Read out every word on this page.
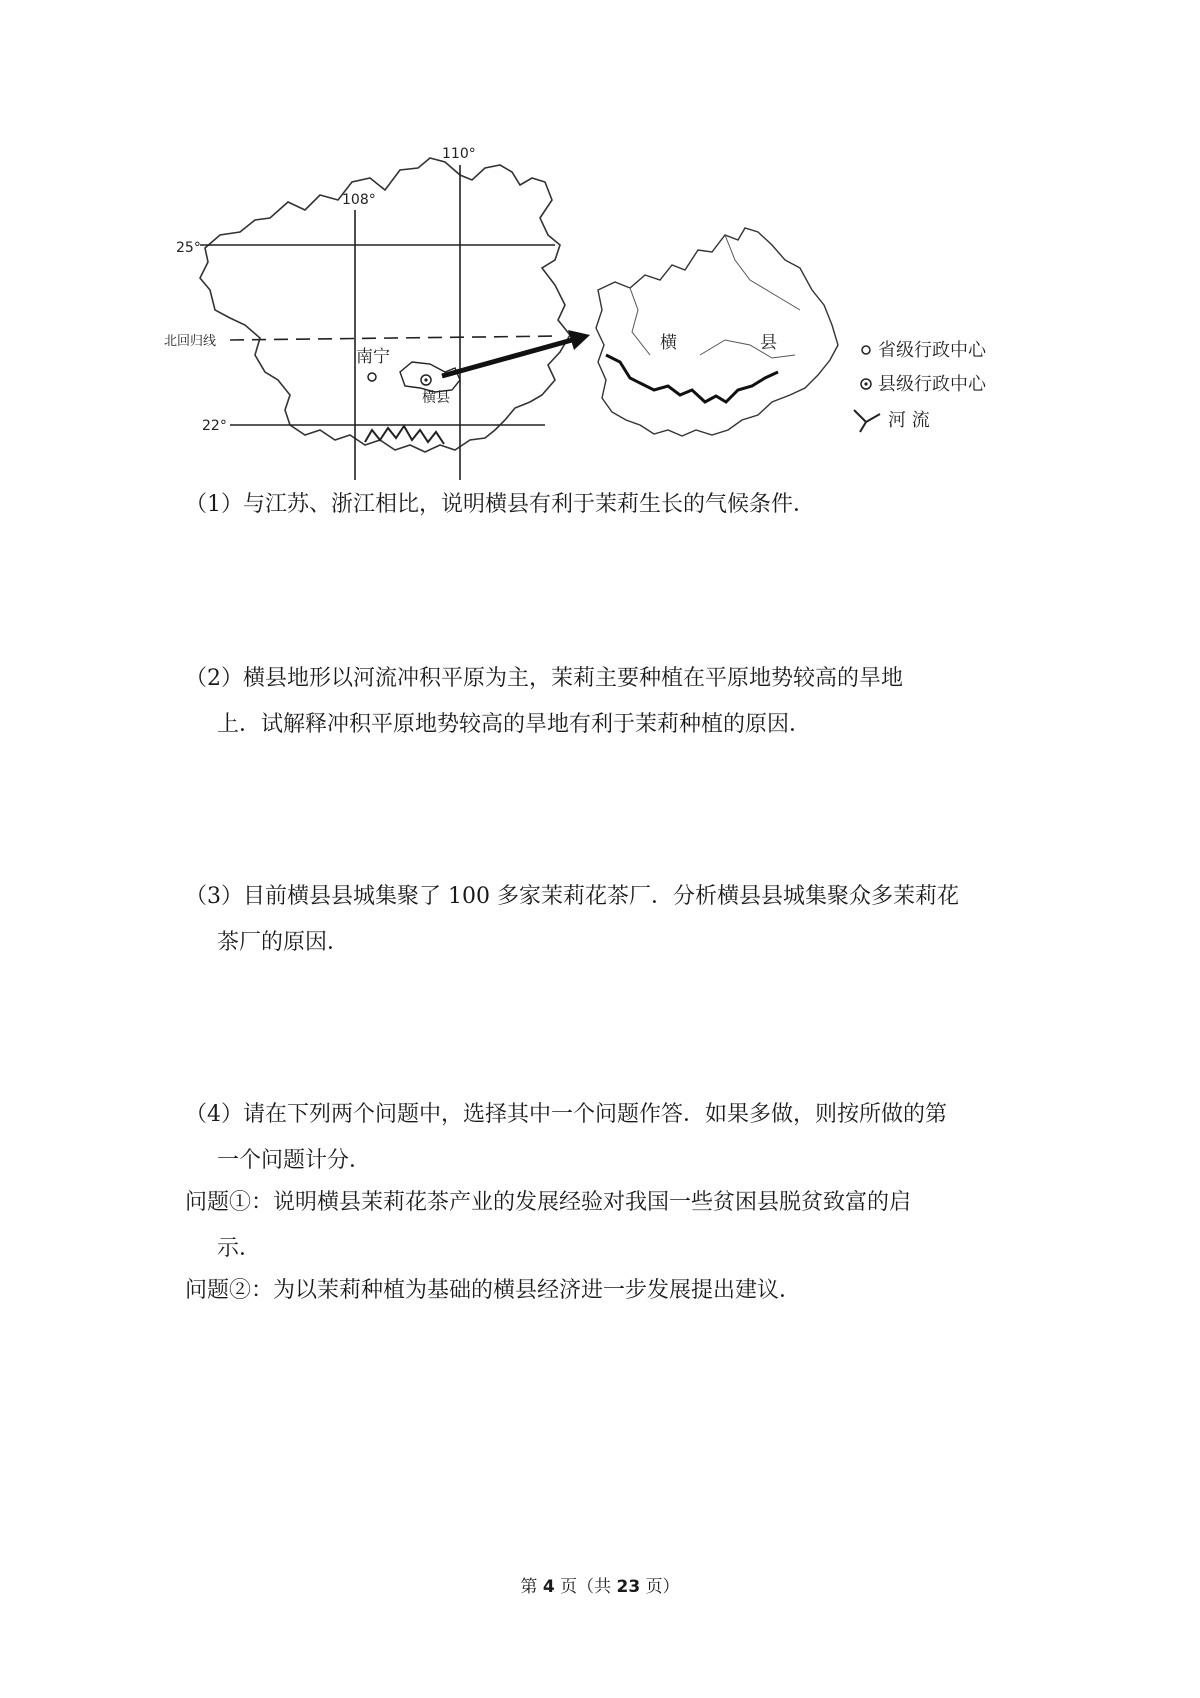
110°
108°
25°
22°
北回归线
南宁
横县
横	县	省级行政中心
县级行政中心
河 流
（1）与江苏、浙江相比，说明横县有利于茉莉生长的气候条件．
（2）横县地形以河流冲积平原为主，茉莉主要种植在平原地势较高的旱地
上．试解释冲积平原地势较高的旱地有利于茉莉种植的原因．
（3）目前横县县城集聚了 100 多家茉莉花茶厂．分析横县县城集聚众多茉莉花
茶厂的原因．
（4）请在下列两个问题中，选择其中一个问题作答．如果多做，则按所做的第
一个问题计分．
问题①：说明横县茉莉花茶产业的发展经验对我国一些贫困县脱贫致富的启
示．
问题②：为以茉莉种植为基础的横县经济进一步发展提出建议．
第 4 页（共 23 页）
